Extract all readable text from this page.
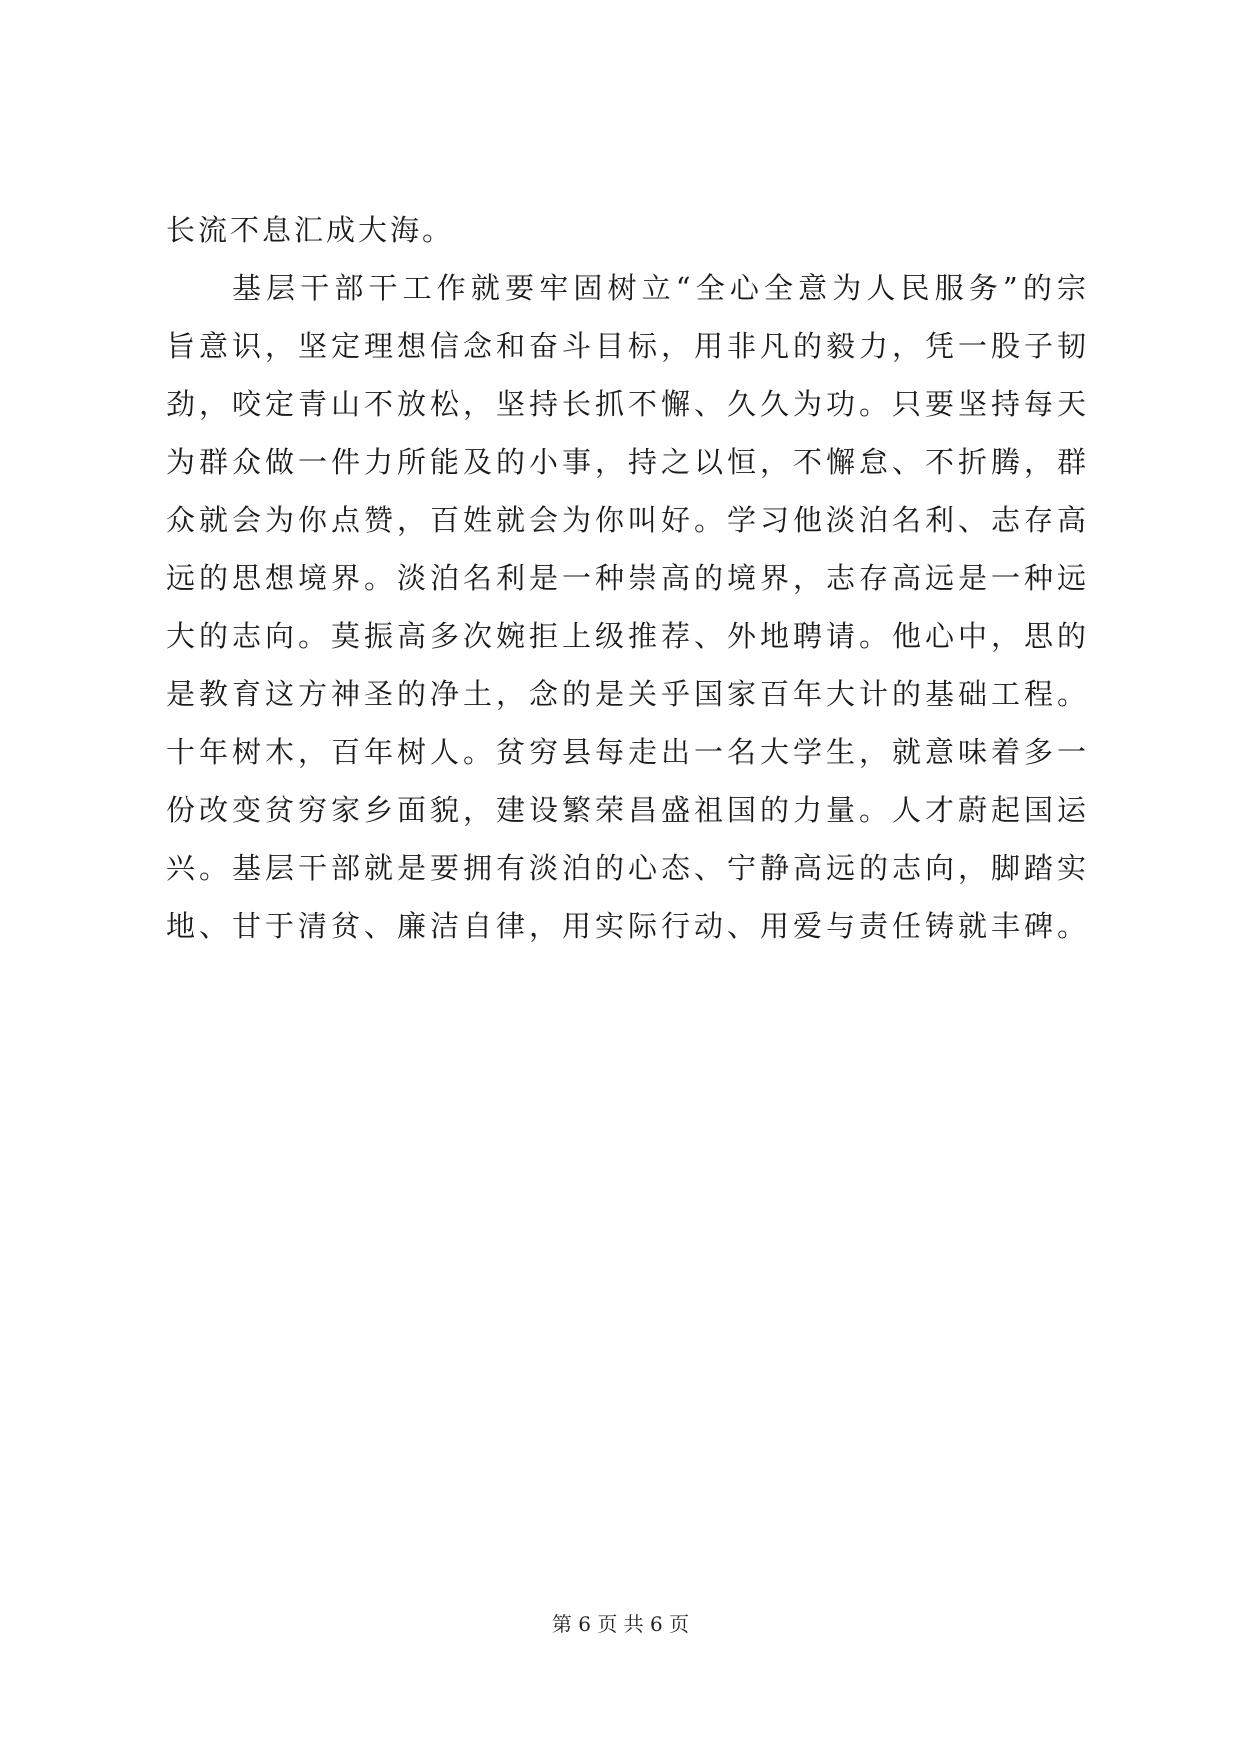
长流不息汇成大海。
基层干部干工作就要牢固树立“全心全意为人民服务”的宗
旨意识，坚定理想信念和奋斗目标，用非凡的毅力，凭一股子韧
劲，咬定青山不放松，坚持长抓不懈、久久为功。只要坚持每天
为群众做一件力所能及的小事，持之以恒，不懈怠、不折腾，群
众就会为你点赞，百姓就会为你叫好。学习他淡泊名利、志存高
远的思想境界。淡泊名利是一种崇高的境界，志存高远是一种远
大的志向。莫振高多次婉拒上级推荐、外地聘请。他心中，思的
是教育这方神圣的净土，念的是关乎国家百年大计的基础工程。
十年树木，百年树人。贫穷县每走出一名大学生，就意味着多一
份改变贫穷家乡面貌，建设繁荣昌盛祖国的力量。人才蔚起国运
兴。基层干部就是要拥有淡泊的心态、宁静高远的志向，脚踏实
地、甘于清贫、廉洁自律，用实际行动、用爱与责任铸就丰碑。
第 6 页 共 6 页
